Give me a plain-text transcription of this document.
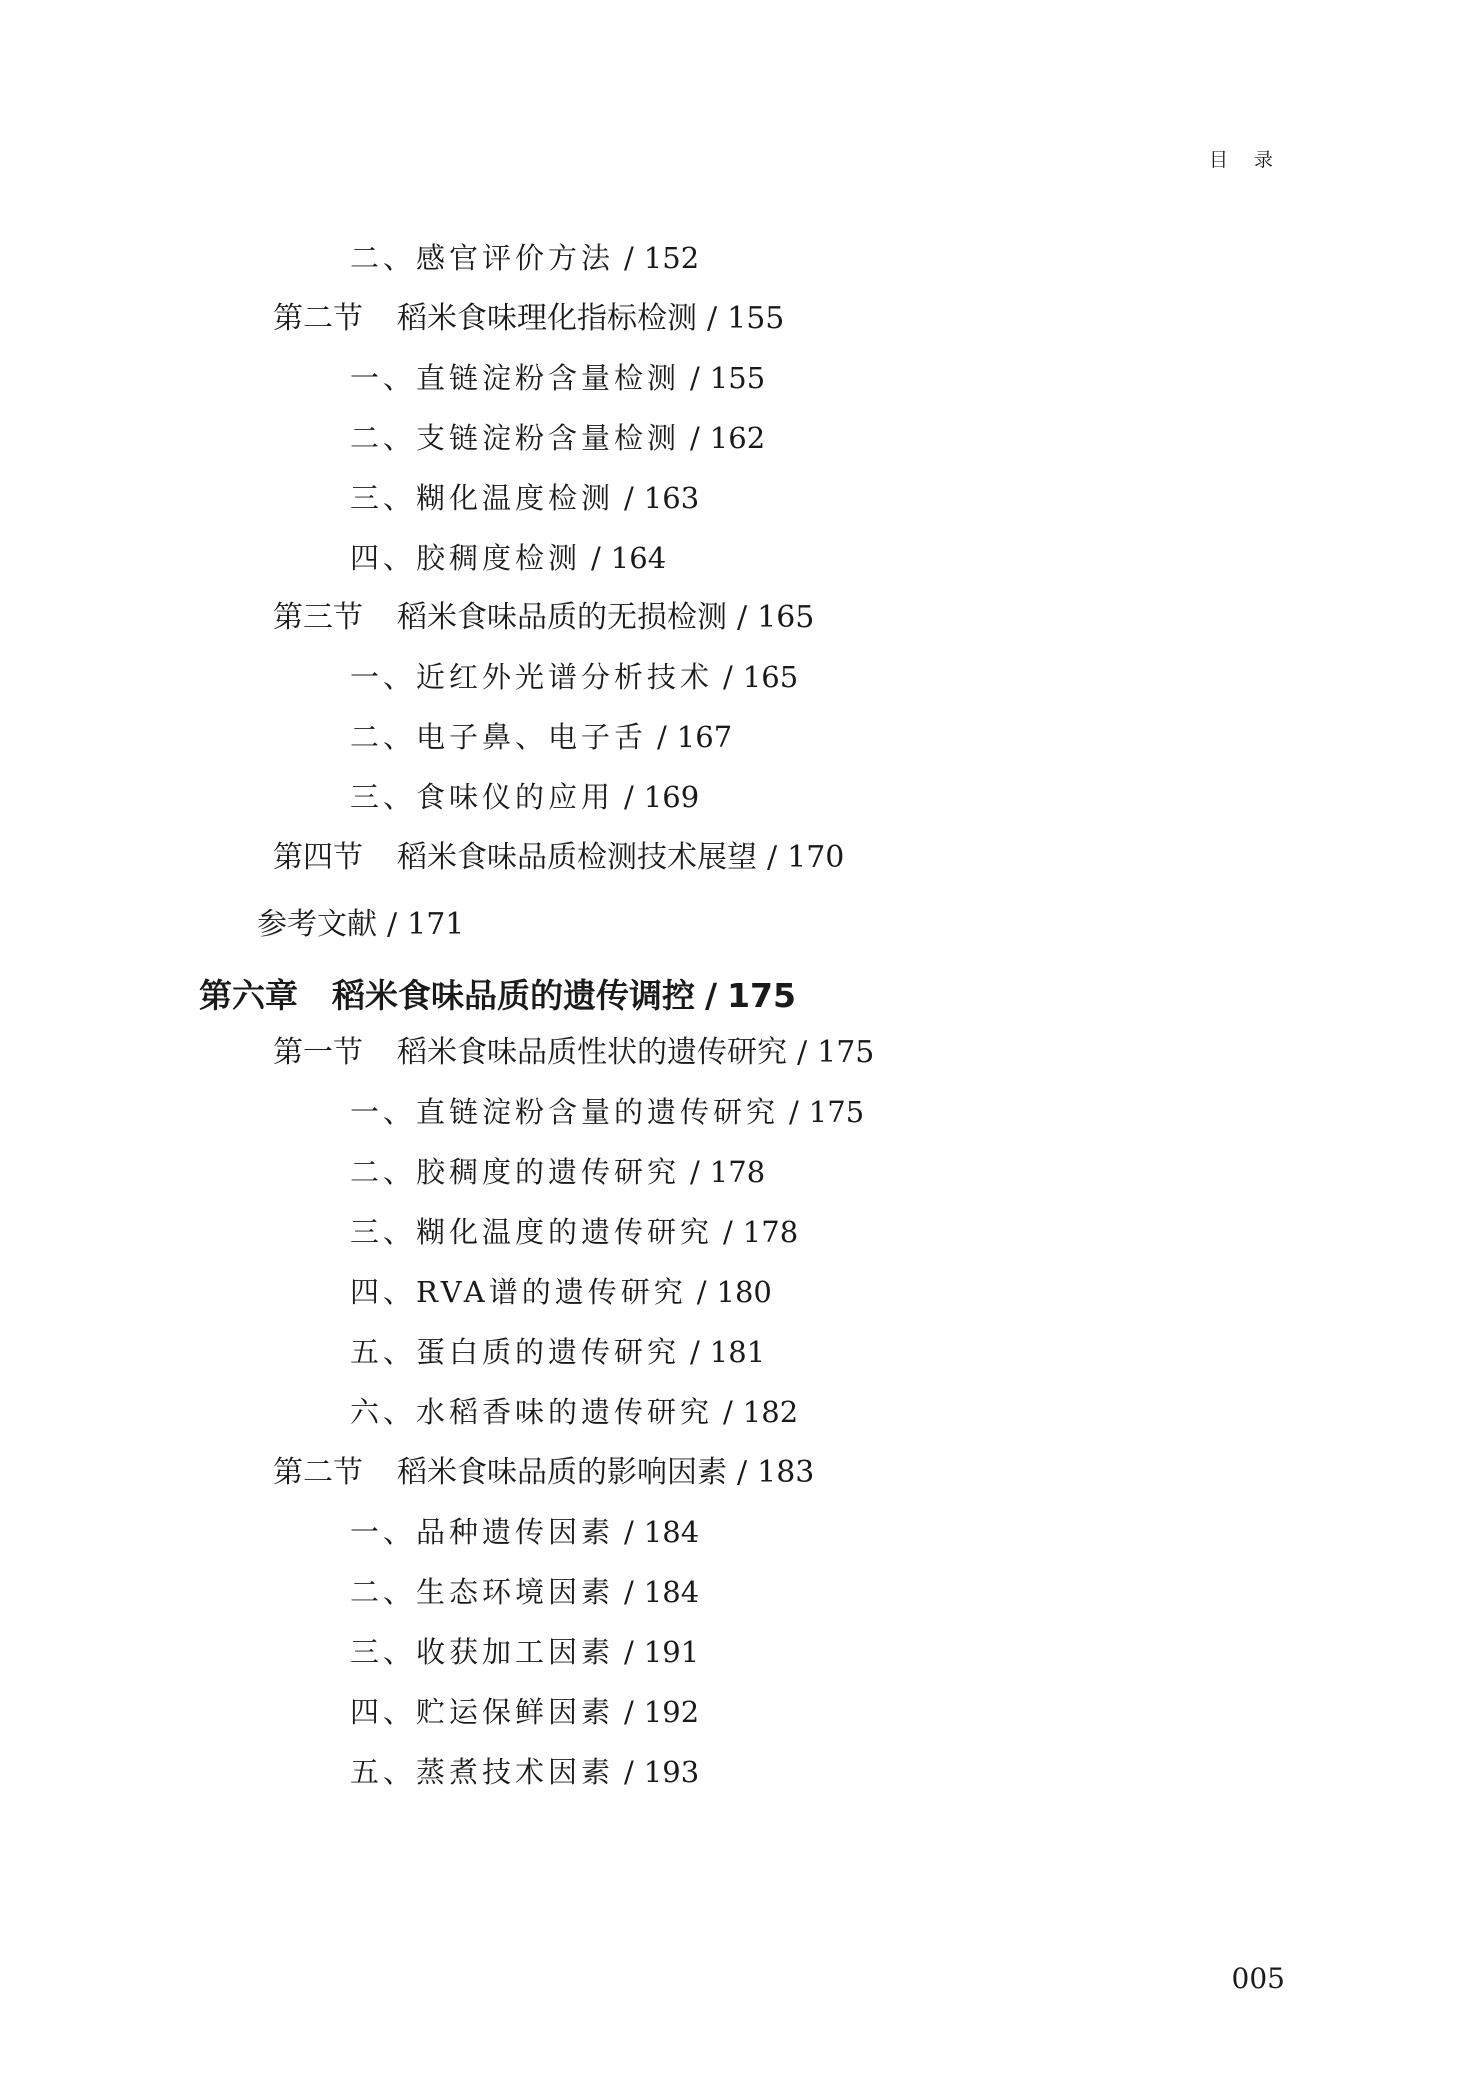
目 录
二、感官评价方法 / 152
第二节 稻米食味理化指标检测 / 155
一、直链淀粉含量检测 / 155
二、支链淀粉含量检测 / 162
三、糊化温度检测 / 163
四、胶稠度检测 / 164
第三节 稻米食味品质的无损检测 / 165
一、近红外光谱分析技术 / 165
二、电子鼻、电子舌 / 167
三、食味仪的应用 / 169
第四节 稻米食味品质检测技术展望 / 170
参考文献 / 171
第六章 稻米食味品质的遗传调控 / 175
第一节 稻米食味品质性状的遗传研究 / 175
一、直链淀粉含量的遗传研究 / 175
二、胶稠度的遗传研究 / 178
三、糊化温度的遗传研究 / 178
四、RVA谱的遗传研究 / 180
五、蛋白质的遗传研究 / 181
六、水稻香味的遗传研究 / 182
第二节 稻米食味品质的影响因素 / 183
一、品种遗传因素 / 184
二、生态环境因素 / 184
三、收获加工因素 / 191
四、贮运保鲜因素 / 192
五、蒸煮技术因素 / 193
005
